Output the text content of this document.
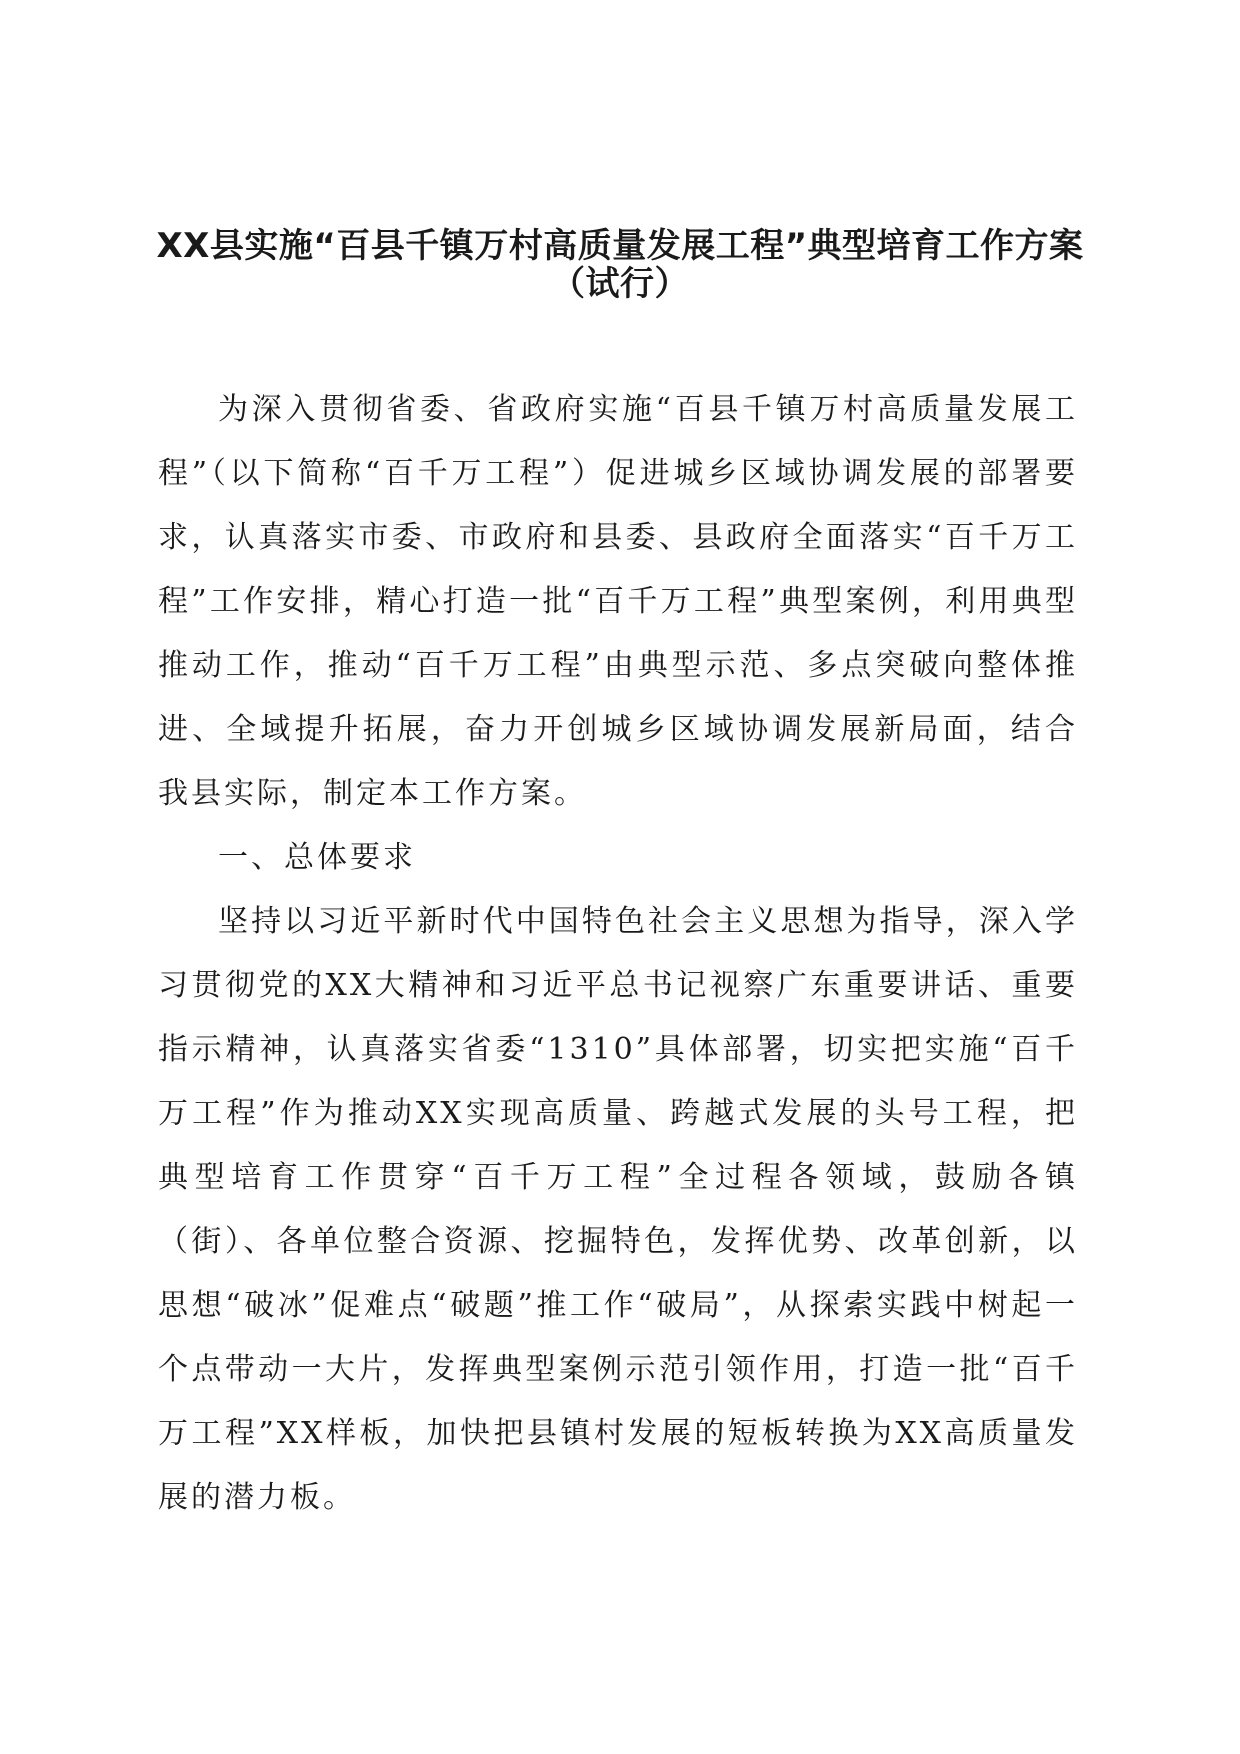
XX县实施“百县千镇万村高质量发展工程”典型培育工作方案
（试行）

为深入贯彻省委、省政府实施“百县千镇万村高质量发展工程”（以下简称“百千万工程”）促进城乡区域协调发展的部署要求，认真落实市委、市政府和县委、县政府全面落实“百千万工程”工作安排，精心打造一批“百千万工程”典型案例，利用典型推动工作，推动“百千万工程”由典型示范、多点突破向整体推进、全域提升拓展，奋力开创城乡区域协调发展新局面，结合我县实际，制定本工作方案。

一、总体要求

坚持以习近平新时代中国特色社会主义思想为指导，深入学习贯彻党的XX大精神和习近平总书记视察广东重要讲话、重要指示精神，认真落实省委“1310”具体部署，切实把实施“百千万工程”作为推动XX实现高质量、跨越式发展的头号工程，把典型培育工作贯穿“百千万工程”全过程各领域，鼓励各镇（街）、各单位整合资源、挖掘特色，发挥优势、改革创新，以思想“破冰”促难点“破题”推工作“破局”，从探索实践中树起一个点带动一大片，发挥典型案例示范引领作用，打造一批“百千万工程”XX样板，加快把县镇村发展的短板转换为XX高质量发展的潜力板。
